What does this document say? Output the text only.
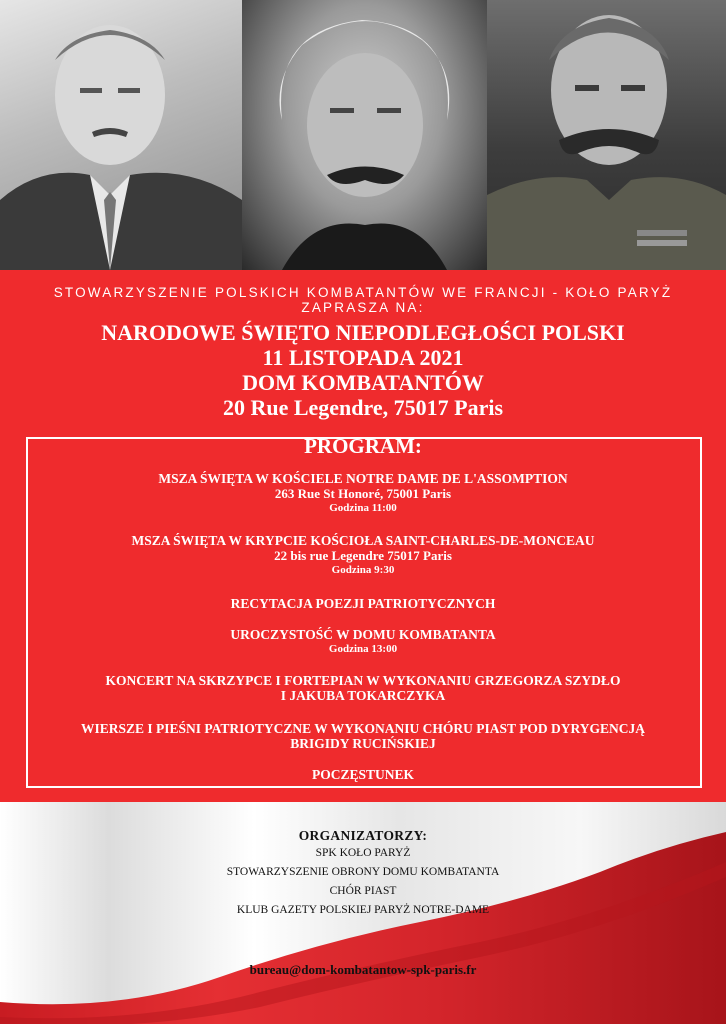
STOWARZYSZENIE POLSKICH KOMBATANTÓW WE FRANCJI - KOŁO PARYŻ
ZAPRASZA NA:
NARODOWE ŚWIĘTO NIEPODLEGŁOŚCI POLSKI
11 LISTOPADA 2021
DOM KOMBATANTÓW
20 Rue Legendre, 75017 Paris
PROGRAM:
MSZA ŚWIĘTA W KOŚCIELE NOTRE DAME DE L'ASSOMPTION
263 Rue St Honoré, 75001 Paris
Godzina 11:00
MSZA ŚWIĘTA W KRYPCIE KOŚCIOŁA SAINT-CHARLES-DE-MONCEAU
22 bis rue Legendre 75017 Paris
Godzina 9:30
RECYTACJA POEZJI PATRIOTYCZNYCH
UROCZYSTOŚĆ W DOMU KOMBATANTA
Godzina 13:00
KONCERT NA SKRZYPCE I FORTEPIAN W WYKONANIU GRZEGORZA SZYDŁO
I JAKUBA TOKARCZYKA
WIERSZE I PIEŚNI PATRIOTYCZNE W WYKONANIU CHÓRU PIAST POD DYRYGENCJĄ
BRIGIDY RUCIŃSKIEJ
POCZĘSTUNEK
ORGANIZATORZY:
SPK KOŁO PARYŻ
STOWARZYSZENIE OBRONY DOMU KOMBATANTA
CHÓR PIAST
KLUB GAZETY POLSKIEJ PARYŻ NOTRE-DAME
bureau@dom-kombatantow-spk-paris.fr
